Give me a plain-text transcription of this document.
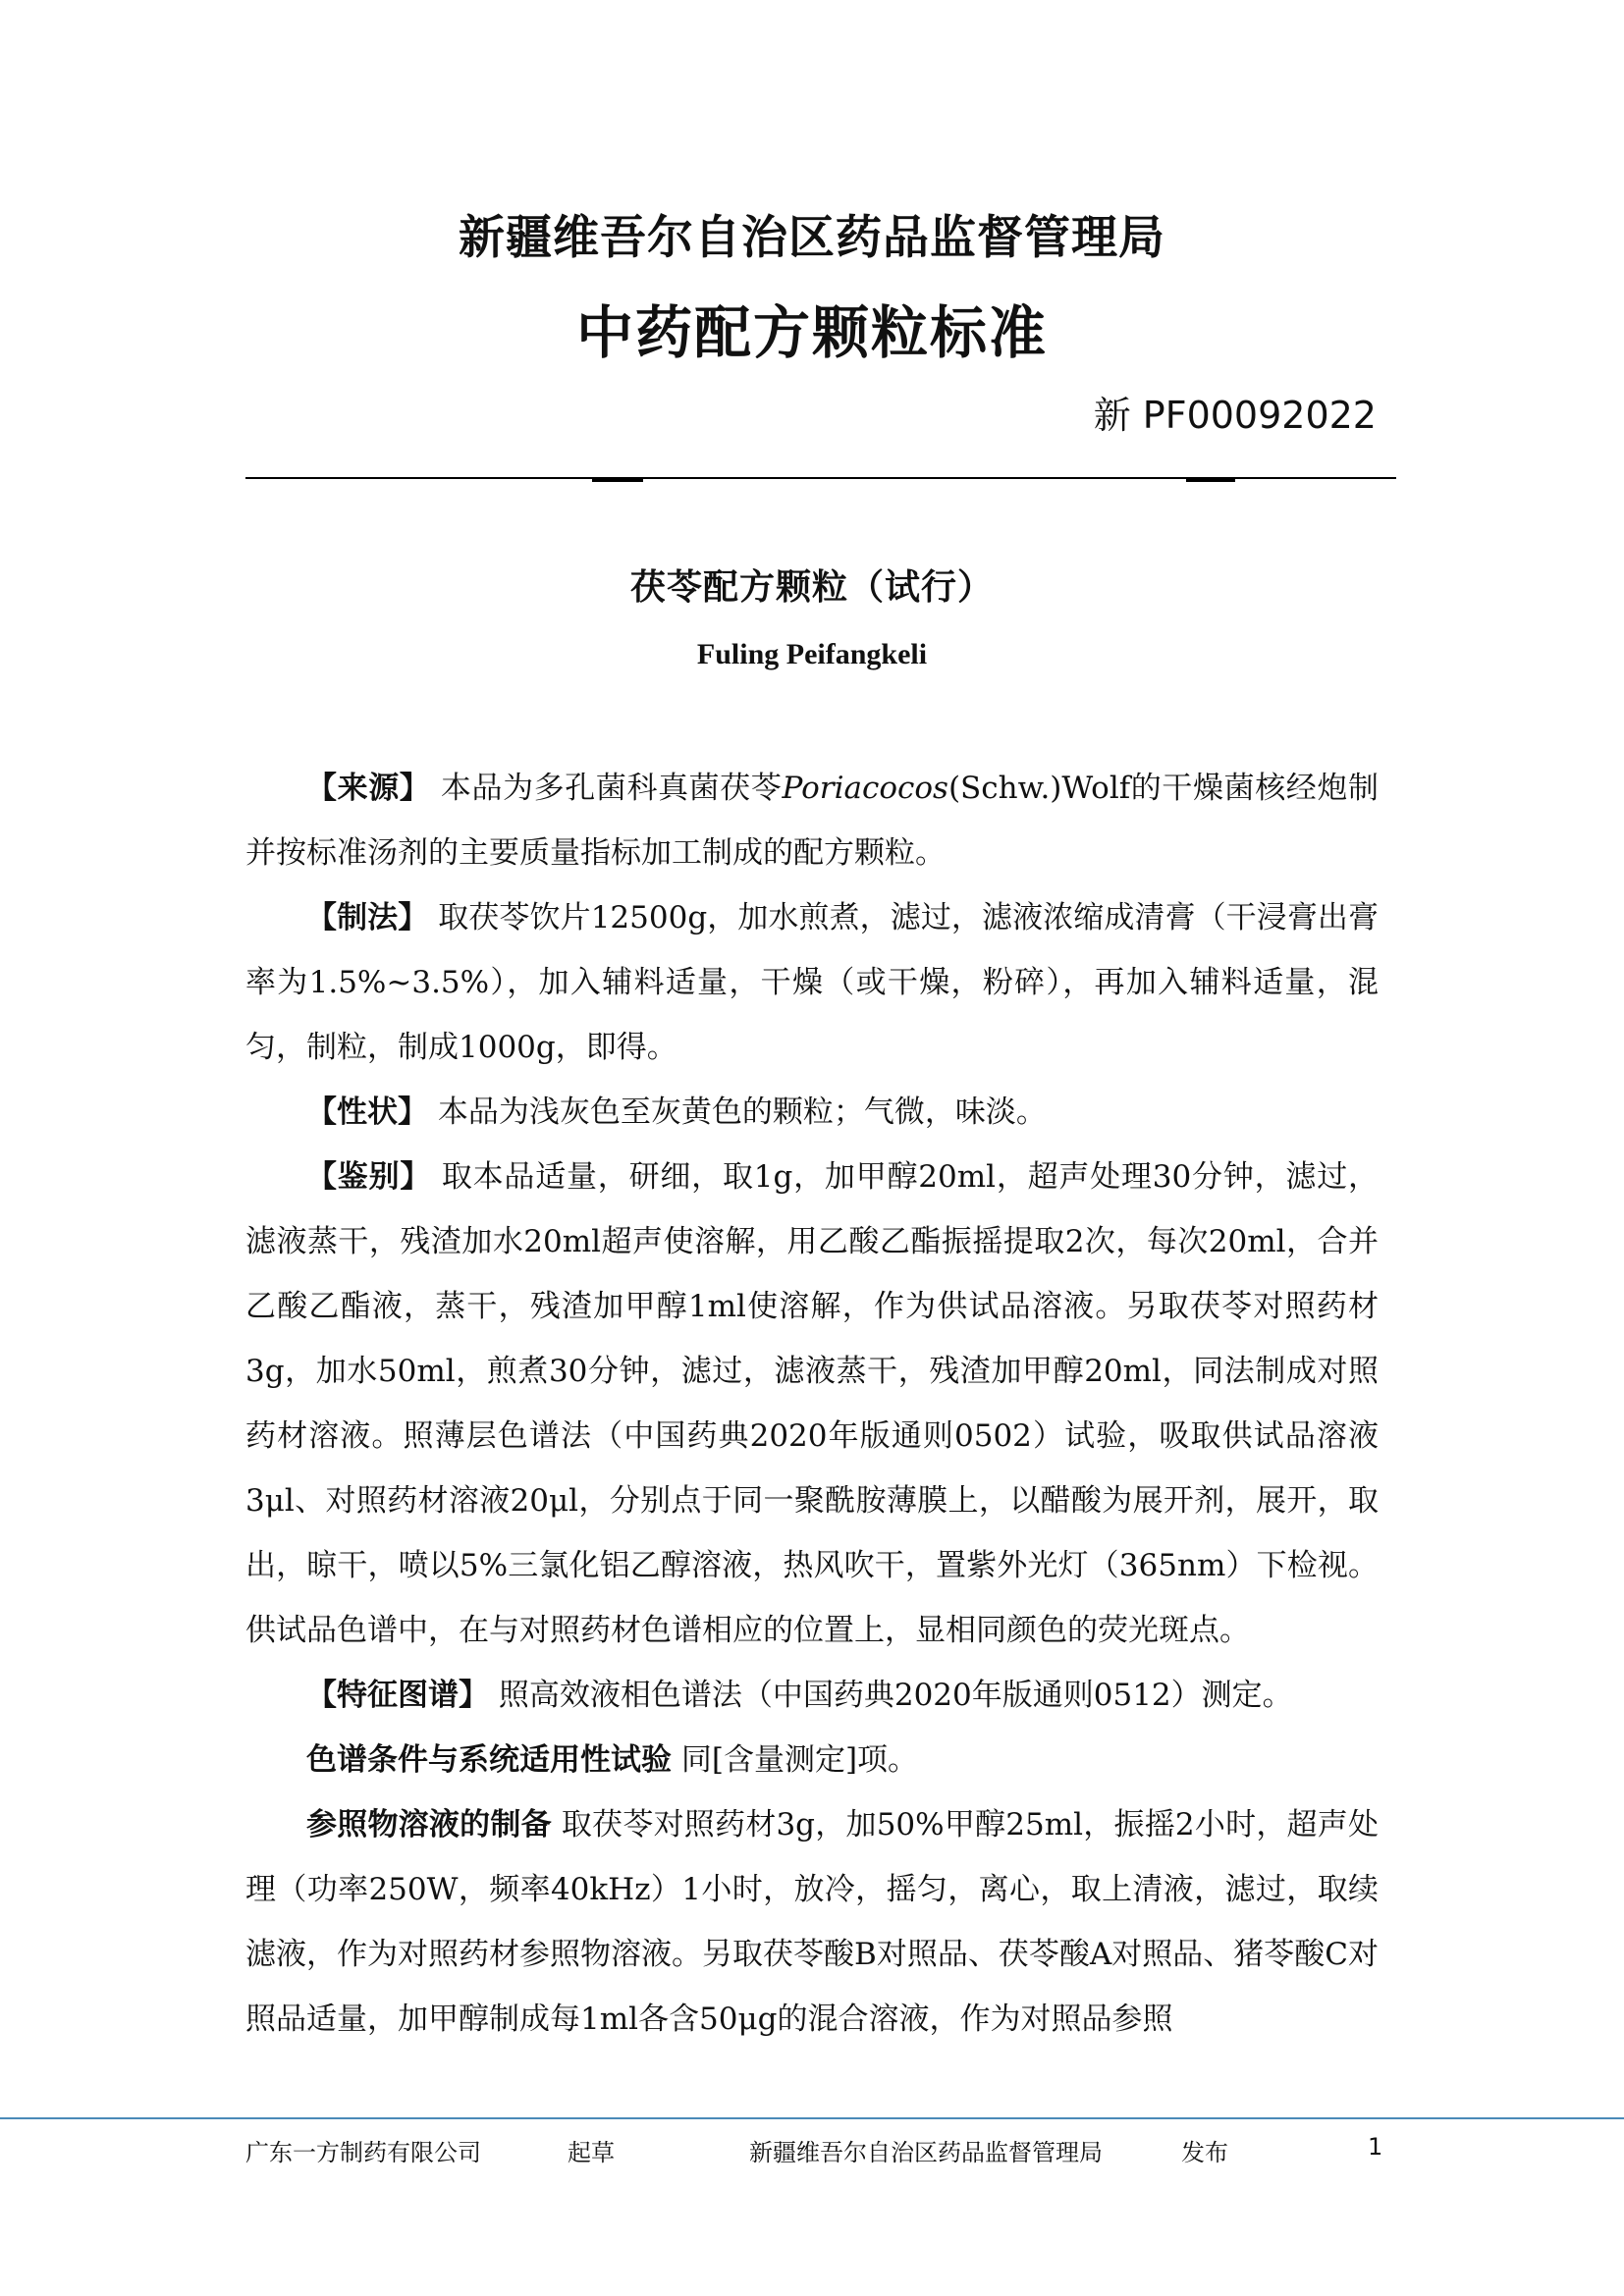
新疆维吾尔自治区药品监督管理局
中药配方颗粒标准
新 PF00092022
茯苓配方颗粒（试行）
Fuling Peifangkeli

【来源】 本品为多孔菌科真菌茯苓Poriacocos(Schw.)Wolf的干燥菌核经炮制并按标准汤剂的主要质量指标加工制成的配方颗粒。

【制法】 取茯苓饮片12500g，加水煎煮，滤过，滤液浓缩成清膏（干浸膏出膏率为1.5%~3.5%），加入辅料适量，干燥（或干燥，粉碎），再加入辅料适量，混匀，制粒，制成1000g，即得。

【性状】 本品为浅灰色至灰黄色的颗粒；气微，味淡。

【鉴别】 取本品适量，研细，取1g，加甲醇20ml，超声处理30分钟，滤过，滤液蒸干，残渣加水20ml超声使溶解，用乙酸乙酯振摇提取2次，每次20ml，合并乙酸乙酯液，蒸干，残渣加甲醇1ml使溶解，作为供试品溶液。另取茯苓对照药材3g，加水50ml，煎煮30分钟，滤过，滤液蒸干，残渣加甲醇20ml，同法制成对照药材溶液。照薄层色谱法（中国药典2020年版通则0502）试验，吸取供试品溶液3μl、对照药材溶液20μl，分别点于同一聚酰胺薄膜上，以醋酸为展开剂，展开，取出，晾干，喷以5%三氯化铝乙醇溶液，热风吹干，置紫外光灯（365nm）下检视。供试品色谱中，在与对照药材色谱相应的位置上，显相同颜色的荧光斑点。

【特征图谱】 照高效液相色谱法（中国药典2020年版通则0512）测定。

色谱条件与系统适用性试验 同[含量测定]项。

参照物溶液的制备 取茯苓对照药材3g，加50%甲醇25ml，振摇2小时，超声处理（功率250W，频率40kHz）1小时，放冷，摇匀，离心，取上清液，滤过，取续滤液，作为对照药材参照物溶液。另取茯苓酸B对照品、茯苓酸A对照品、猪苓酸C对照品适量，加甲醇制成每1ml各含50μg的混合溶液，作为对照品参照

广东一方制药有限公司	起草	新疆维吾尔自治区药品监督管理局	发布	1
